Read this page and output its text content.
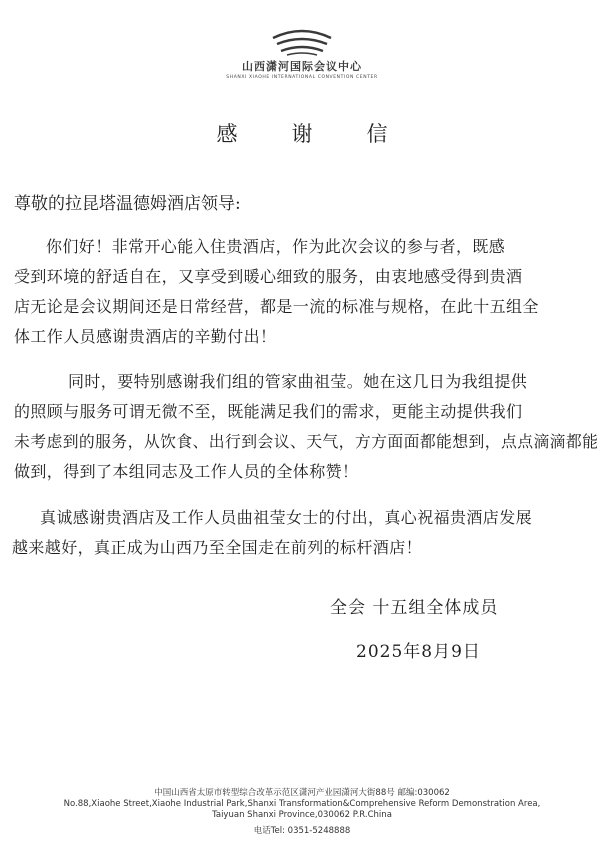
山西潇河国际会议中心
SHANXI XIAOHE INTERNATIONAL CONVENTION CENTER
感谢信
尊敬的拉昆塔温德姆酒店领导:
你们好！非常开心能入住贵酒店，作为此次会议的参与者，既感
受到环境的舒适自在，又享受到暖心细致的服务，由衷地感受得到贵酒
店无论是会议期间还是日常经营，都是一流的标准与规格，在此十五组全
体工作人员感谢贵酒店的辛勤付出！
同时，要特别感谢我们组的管家曲祖莹。她在这几日为我组提供
的照顾与服务可谓无微不至，既能满足我们的需求，更能主动提供我们
未考虑到的服务，从饮食、出行到会议、天气，方方面面都能想到，点点滴滴都能
做到，得到了本组同志及工作人员的全体称赞！
真诚感谢贵酒店及工作人员曲祖莹女士的付出，真心祝福贵酒店发展
越来越好，真正成为山西乃至全国走在前列的标杆酒店！
全会 十五组全体成员
2025年8月9日
中国山西省太原市转型综合改革示范区潇河产业园潇河大街88号 邮编:030062
No.88,Xiaohe Street,Xiaohe Industrial Park,Shanxi Transformation&Comprehensive Reform Demonstration Area,
Taiyuan Shanxi Province,030062 P.R.China
电话Tel: 0351-5248888
